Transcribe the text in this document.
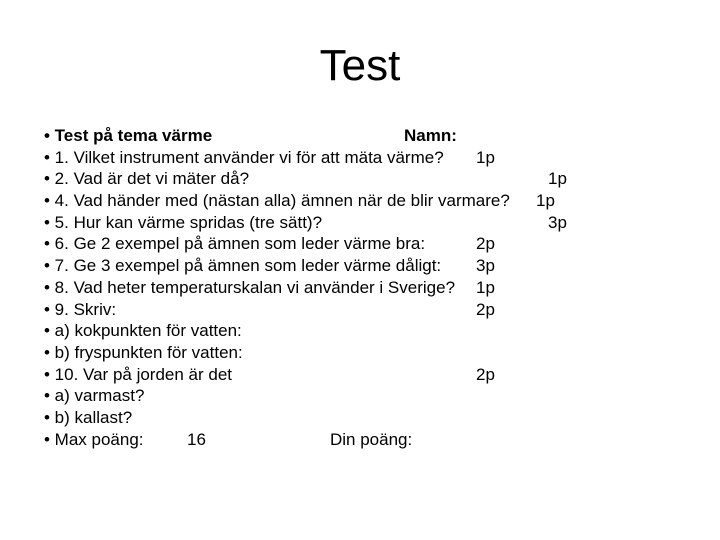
Test
• Test på tema värme	Namn:
• 1. Vilket instrument använder vi för att mäta värme? 1p
• 2. Vad är det vi mäter då?	1p
• 4. Vad händer med (nästan alla) ämnen när de blir varmare? 1p
• 5. Hur kan värme spridas (tre sätt)?	3p
• 6. Ge 2 exempel på ämnen som leder värme bra:	2p
• 7. Ge 3 exempel på ämnen som leder värme dåligt: 3p
• 8. Vad heter temperaturskalan vi använder i Sverige? 1p
• 9. Skriv:	2p
• a) kokpunkten för vatten:
• b) fryspunkten för vatten:
• 10. Var på jorden är det	2p
• a) varmast?
• b) kallast?
• Max poäng:	16	Din poäng:
